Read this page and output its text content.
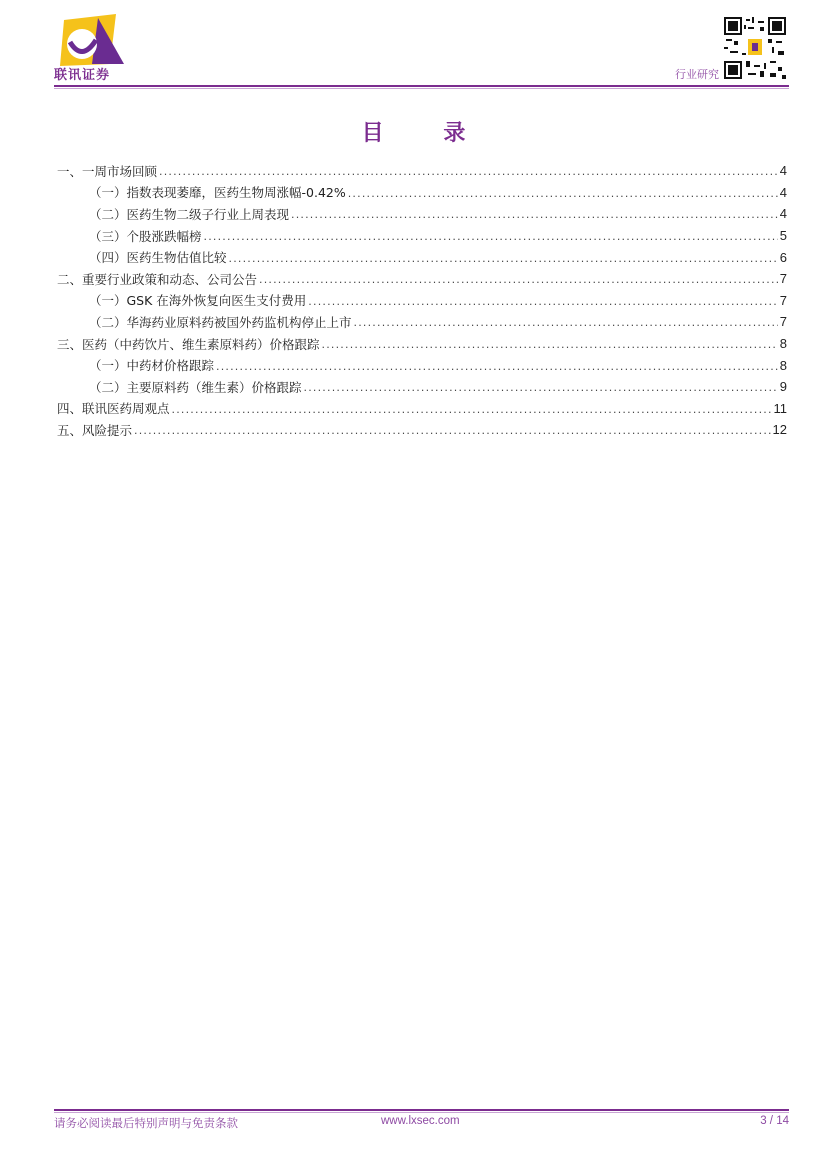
联讯证券	行业研究
目 录
一、一周市场回顾 .....	4
（一）指数表现萎靡，医药生物周涨幅-0.42% .....	4
（二）医药生物二级子行业上周表现 .....	4
（三）个股涨跌幅榜 .....	5
（四）医药生物估值比较 .....	6
二、重要行业政策和动态、公司公告 .....	7
（一）GSK 在海外恢复向医生支付费用 .....	7
（二）华海药业原料药被国外药监机构停止上市 .....	7
三、医药（中药饮片、维生素原料药）价格跟踪 .....	8
（一）中药材价格跟踪 .....	8
（二）主要原料药（维生素）价格跟踪 .....	9
四、联讯医药周观点 .....	11
五、风险提示 .....	12
请务必阅读最后特别声明与免责条款	www.lxsec.com	3 / 14
